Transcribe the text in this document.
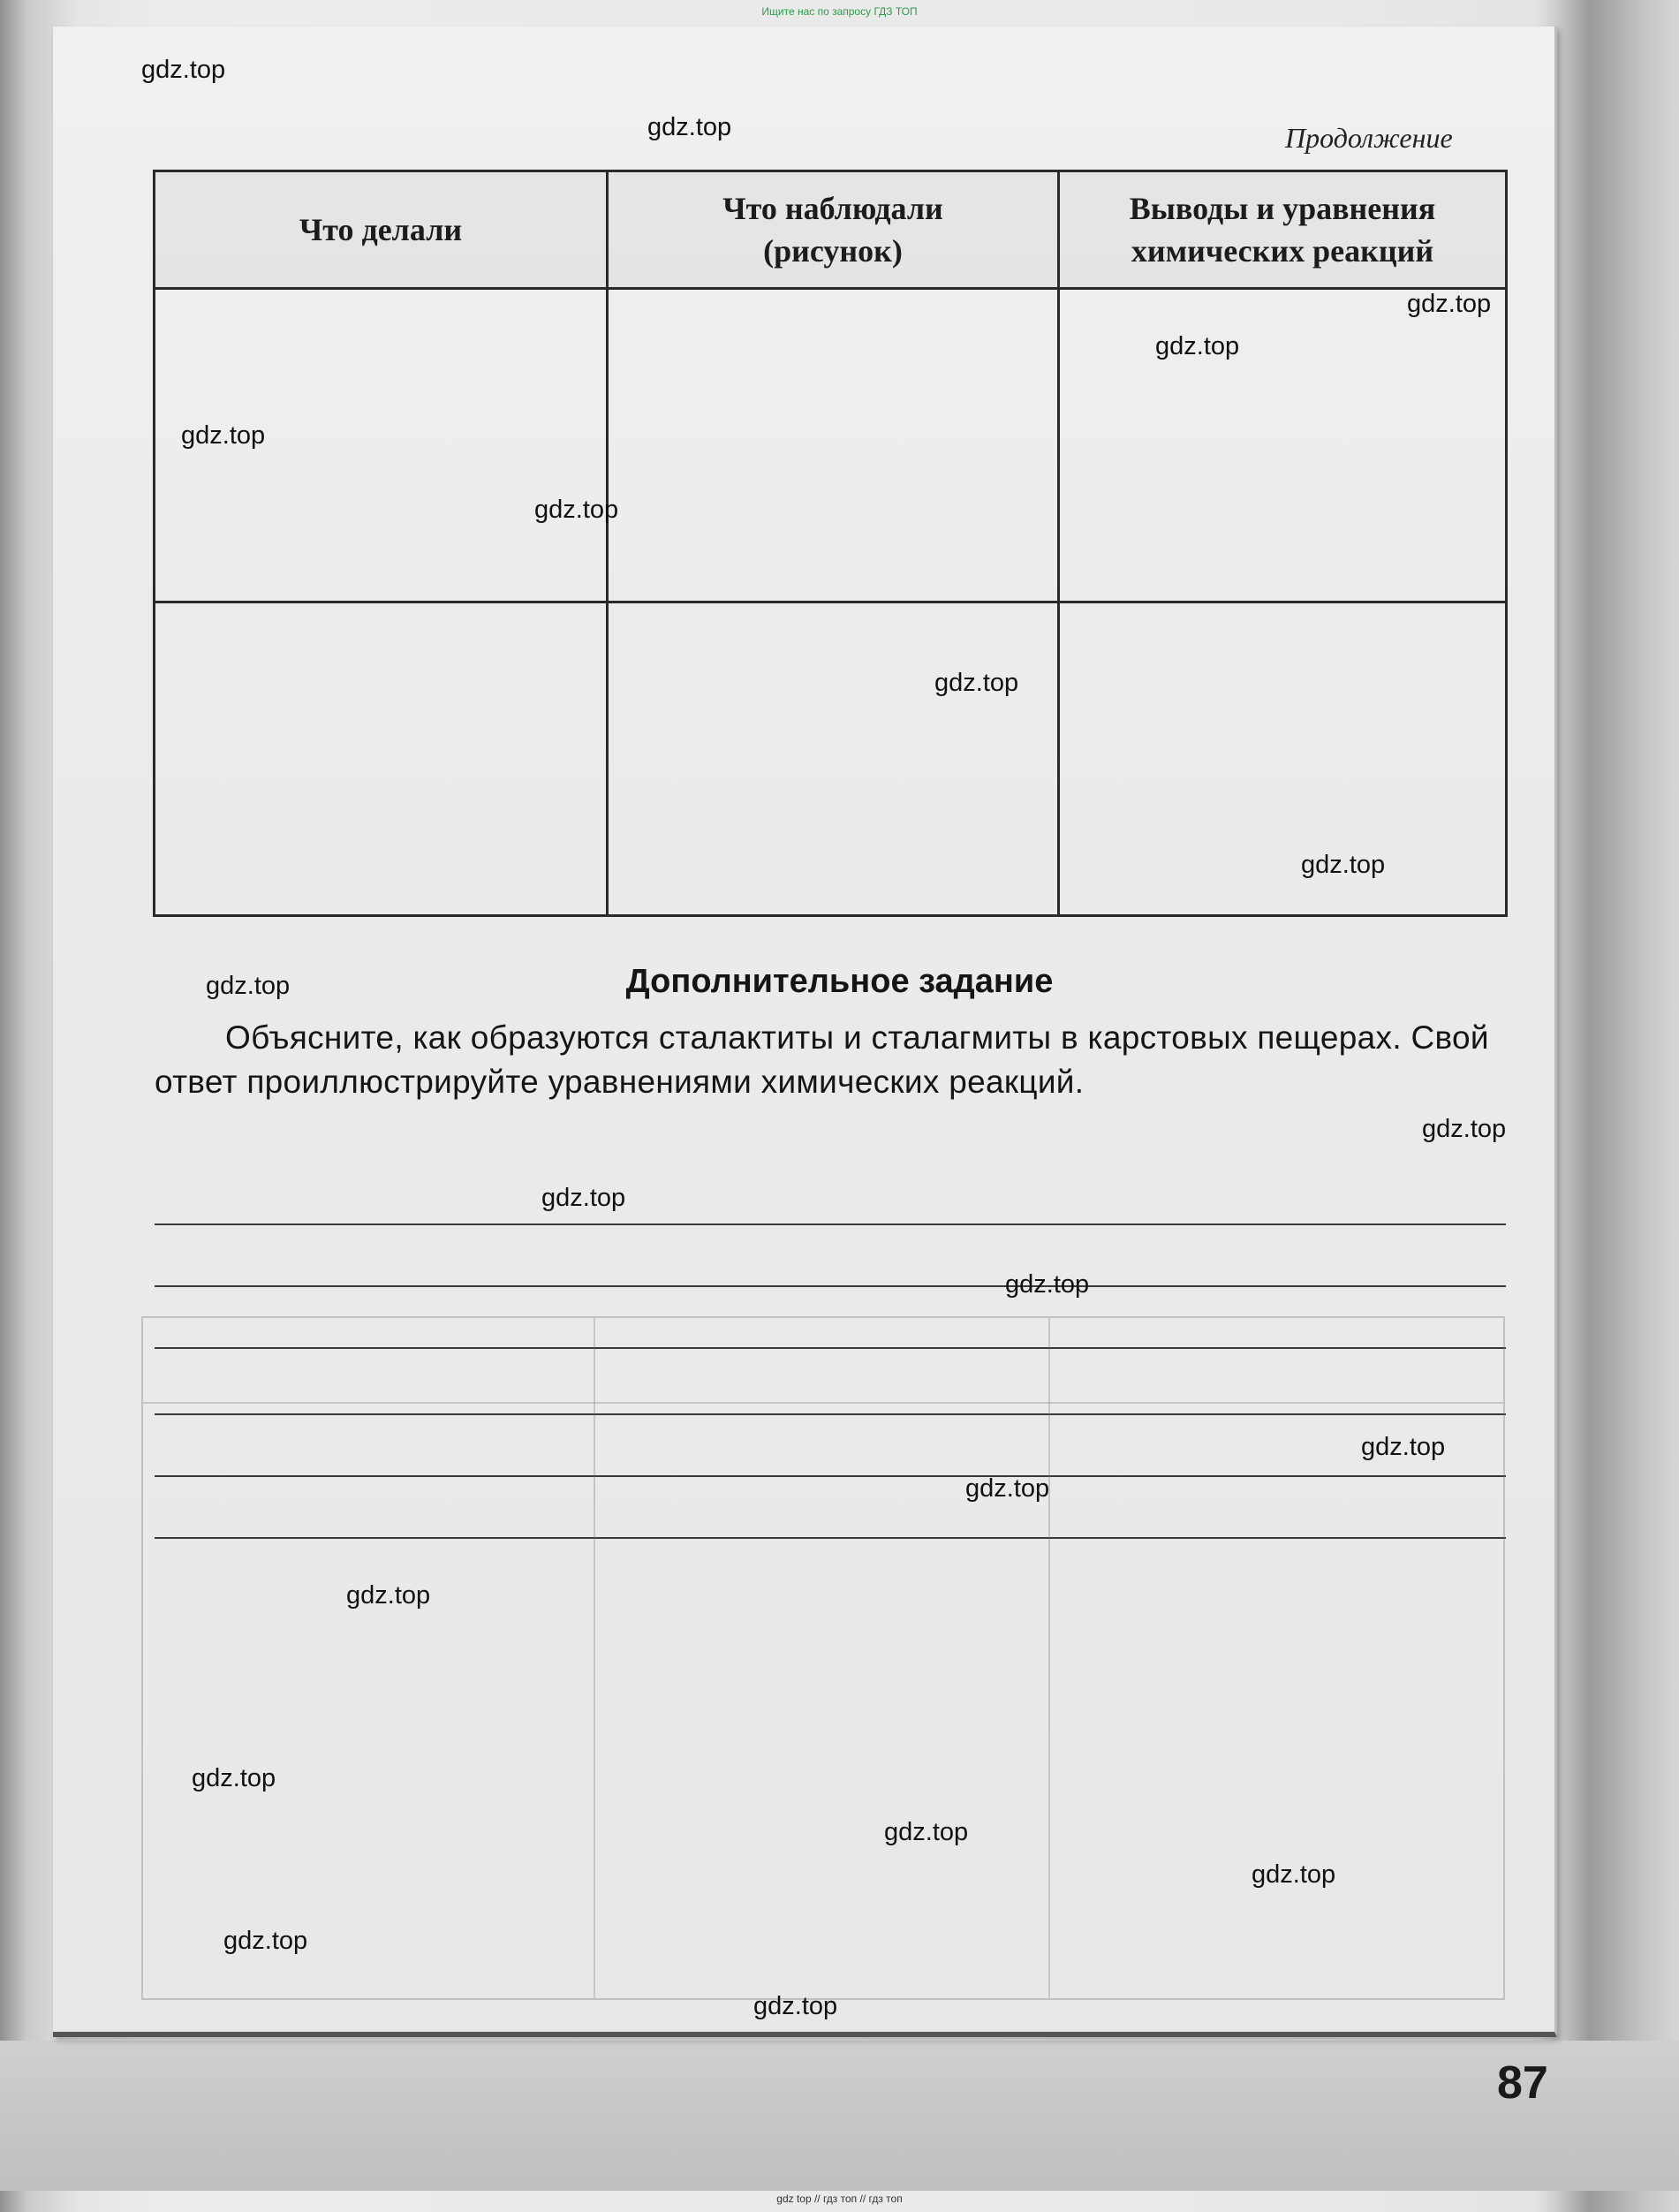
Ищите нас по запросу ГДЗ ТОП
Продолжение
Что делали	Что наблюдали (рисунок)	Выводы и уравнения химических реакций

Дополнительное задание
Объясните, как образуются сталактиты и сталагмиты в карстовых пещерах. Свой ответ проиллюстрируйте уравнениями химических реакций.
87
gdz.top
gdz.top
gdz.top
gdz.top
gdz.top
gdz.top
gdz.top
gdz.top
gdz.top
gdz.top
gdz.top
gdz.top
gdz.top
gdz.top
gdz.top
gdz.top
gdz.top
gdz.top
gdz.top
gdz.top
gdz top // гдз топ // гдз топ
